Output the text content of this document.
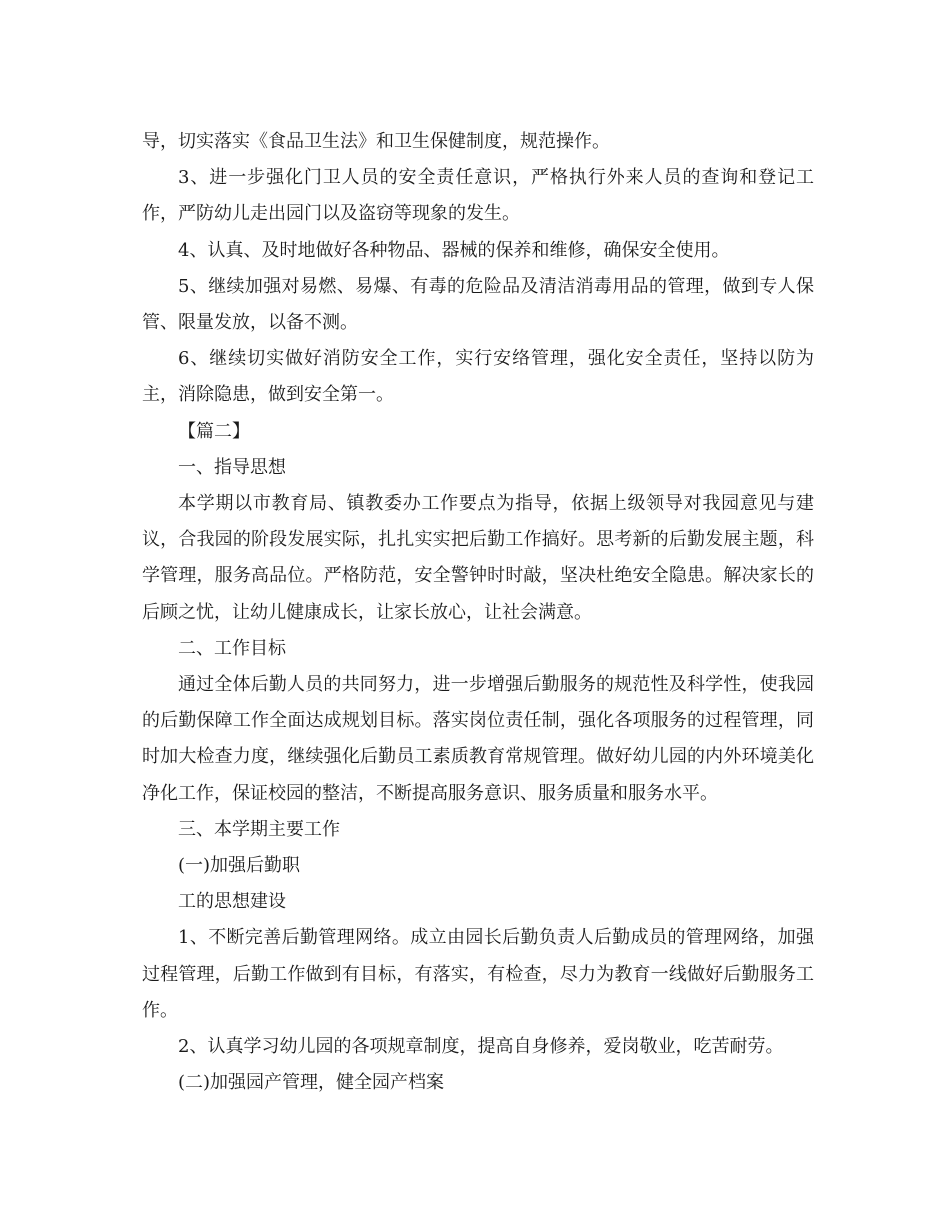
导，切实落实《食品卫生法》和卫生保健制度，规范操作。

3、进一步强化门卫人员的安全责任意识，严格执行外来人员的查询和登记工作，严防幼儿走出园门以及盗窃等现象的发生。

4、认真、及时地做好各种物品、器械的保养和维修，确保安全使用。

5、继续加强对易燃、易爆、有毒的危险品及清洁消毒用品的管理，做到专人保管、限量发放，以备不测。

6、继续切实做好消防安全工作，实行安络管理，强化安全责任，坚持以防为主，消除隐患，做到安全第一。

【篇二】

一、指导思想

本学期以市教育局、镇教委办工作要点为指导，依据上级领导对我园意见与建议，合我园的阶段发展实际，扎扎实实把后勤工作搞好。思考新的后勤发展主题，科学管理，服务高品位。严格防范，安全警钟时时敲，坚决杜绝安全隐患。解决家长的后顾之忧，让幼儿健康成长，让家长放心，让社会满意。

二、工作目标

通过全体后勤人员的共同努力，进一步增强后勤服务的规范性及科学性，使我园的后勤保障工作全面达成规划目标。落实岗位责任制，强化各项服务的过程管理，同时加大检查力度，继续强化后勤员工素质教育常规管理。做好幼儿园的内外环境美化净化工作，保证校园的整洁，不断提高服务意识、服务质量和服务水平。

三、本学期主要工作

(一)加强后勤职

工的思想建设

1、不断完善后勤管理网络。成立由园长后勤负责人后勤成员的管理网络，加强过程管理，后勤工作做到有目标，有落实，有检查，尽力为教育一线做好后勤服务工作。

2、认真学习幼儿园的各项规章制度，提高自身修养，爱岗敬业，吃苦耐劳。

(二)加强园产管理，健全园产档案
